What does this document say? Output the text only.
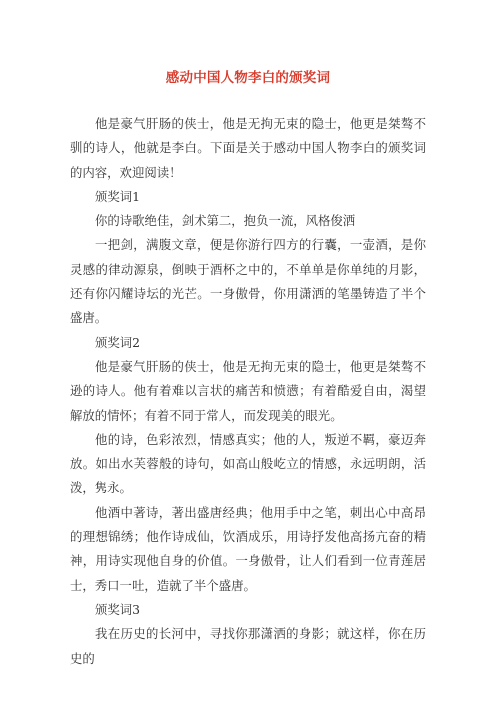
感动中国人物李白的颁奖词

他是豪气肝肠的侠士，他是无拘无束的隐士，他更是桀骜不驯的诗人，他就是李白。下面是关于感动中国人物李白的颁奖词的内容，欢迎阅读！

颁奖词1

你的诗歌绝佳，剑术第二，抱负一流，风格俊洒

一把剑，满腹文章，便是你游行四方的行囊，一壶酒，是你灵感的律动源泉，倒映于酒杯之中的，不单单是你单纯的月影，还有你闪耀诗坛的光芒。一身傲骨，你用潇洒的笔墨铸造了半个盛唐。

颁奖词2

他是豪气肝肠的侠士，他是无拘无束的隐士，他更是桀骜不逊的诗人。他有着难以言状的痛苦和愤懑；有着酷爱自由，渴望解放的情怀；有着不同于常人，而发现美的眼光。

他的诗，色彩浓烈，情感真实；他的人，叛逆不羁，豪迈奔放。如出水芙蓉般的诗句，如高山般屹立的情感，永远明朗，活泼，隽永。

他酒中著诗，著出盛唐经典；他用手中之笔，刺出心中高昂的理想锦绣；他作诗成仙，饮酒成乐，用诗抒发他高扬亢奋的精神，用诗实现他自身的价值。一身傲骨，让人们看到一位青莲居士，秀口一吐，造就了半个盛唐。

颁奖词3

我在历史的长河中，寻找你那潇洒的身影；就这样，你在历史的
